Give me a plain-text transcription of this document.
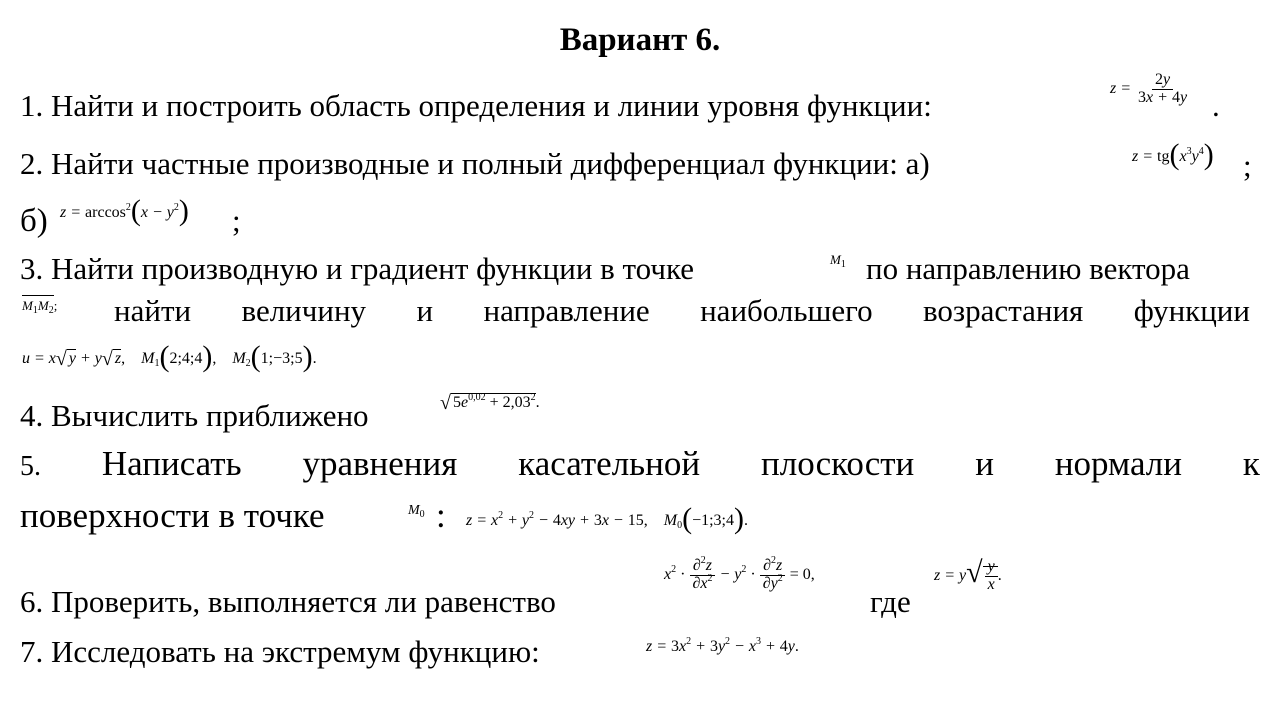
Вариант 6.
1. Найти и построить область определения и линии уровня функции:	$z = \frac{2y}{3x + 4y}$ .
2. Найти частные производные и полный дифференциал функции: а)	$z = tg(x^3y^4)$ ;
б) $z = \arccos^2(x - y^2)$ ;
3. Найти производную и градиент функции в точке	$M_1$ по направлению вектора
$M_1M_2$; найти величину и направление наибольшего возрастания функции
u = x√ y + y√ z,    $M_1(2;4;4)$,    $M_2(1;-3;5)$.
4. Вычислить приближено	√ $5e^{0,02} + 2,03^2$.
5. Написать уравнения касательной плоскости и нормали к
поверхности в точке	$M_0$ : $z = x^2 + y^2 - 4xy + 3x - 15$,    $M_0(-1;3;4)$.
6. Проверить, выполняется ли равенство
$x^2 \cdot \frac{\partial^2z}{\partial x^2} - y^2 \cdot \frac{\partial^2z}{\partial y^2} = 0$,
где
$z = y√ \frac{y}{x}$ .
7. Исследовать на экстремум функцию:	$z = 3x^2 + 3y^2 - x^3 + 4y$.
